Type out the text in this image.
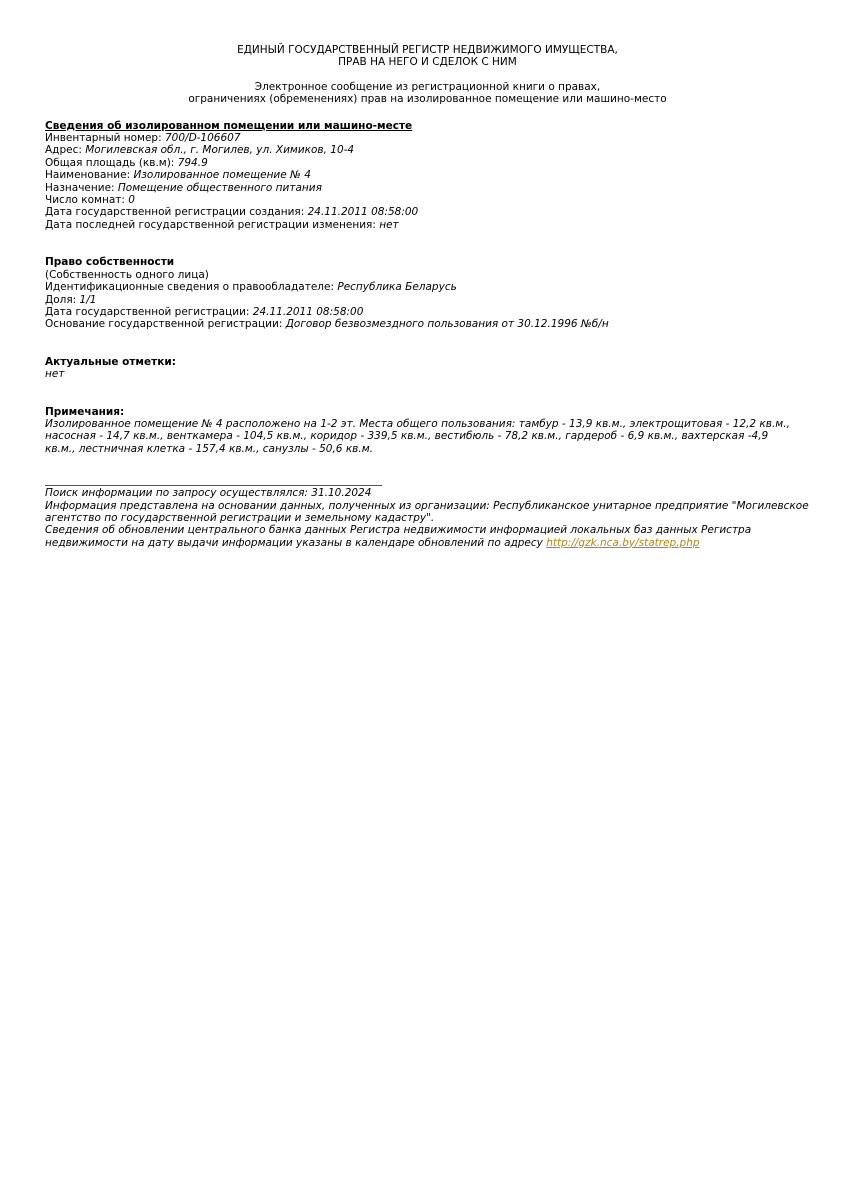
ЕДИНЫЙ ГОСУДАРСТВЕННЫЙ РЕГИСТР НЕДВИЖИМОГО ИМУЩЕСТВА,
ПРАВ НА НЕГО И СДЕЛОК С НИМ
Электронное сообщение из регистрационной книги о правах,
ограничениях (обременениях) прав на изолированное помещение или машино-место
Сведения об изолированном помещении или машино-месте
Инвентарный номер: 700/D-106607
Адрес: Могилевская обл., г. Могилев, ул. Химиков, 10-4
Общая площадь (кв.м): 794.9
Наименование: Изолированное помещение № 4
Назначение: Помещение общественного питания
Число комнат: 0
Дата государственной регистрации создания: 24.11.2011 08:58:00
Дата последней государственной регистрации изменения: нет
Право собственности
(Собственность одного лица)
Идентификационные сведения о правообладателе: Республика Беларусь
Доля: 1/1
Дата государственной регистрации: 24.11.2011 08:58:00
Основание государственной регистрации: Договор безвозмездного пользования от 30.12.1996 №б/н
Актуальные отметки:
нет
Примечания:
Изолированное помещение № 4 расположено на 1-2 эт. Места общего пользования: тамбур - 13,9 кв.м., электрощитовая - 12,2 кв.м.,
насосная - 14,7 кв.м., венткамера - 104,5 кв.м., коридор - 339,5 кв.м., вестибюль - 78,2 кв.м., гардероб - 6,9 кв.м., вахтерская -4,9
кв.м., лестничная клетка - 157,4 кв.м., санузлы - 50,6 кв.м.
Поиск информации по запросу осуществлялся: 31.10.2024
Информация представлена на основании данных, полученных из организации: Республиканское унитарное предприятие "Могилевское
агентство по государственной регистрации и земельному кадастру".
Сведения об обновлении центрального банка данных Регистра недвижимости информацией локальных баз данных Регистра
недвижимости на дату выдачи информации указаны в календаре обновлений по адресу http://gzk.nca.by/statrep.php
